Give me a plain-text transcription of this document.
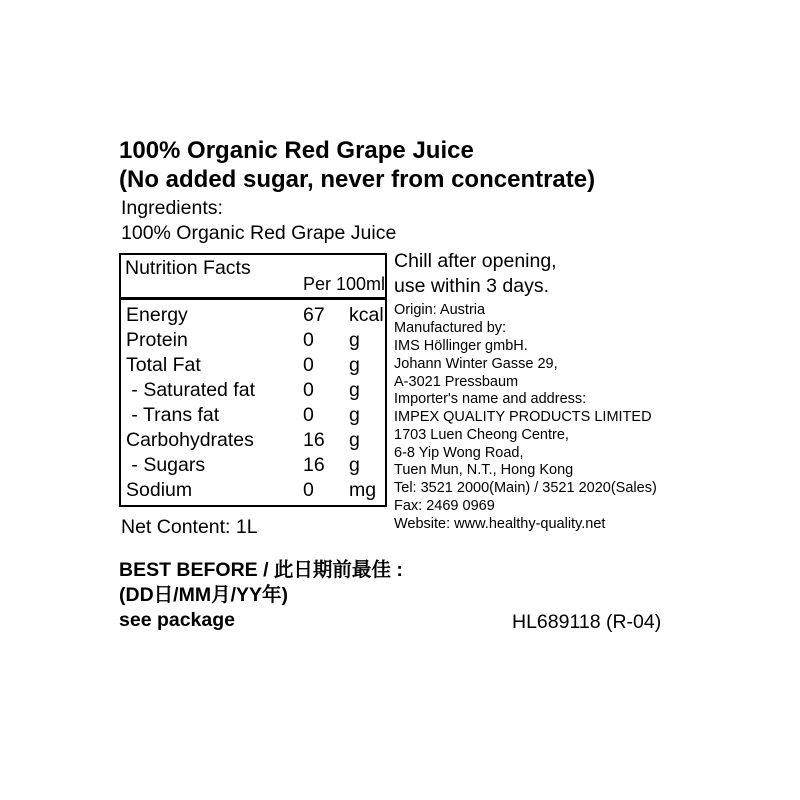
100% Organic Red Grape Juice
(No added sugar, never from concentrate)
Ingredients:
100% Organic Red Grape Juice
Nutrition Facts
Per 100ml
Energy	67 kcal
Protein	0 g
Total Fat	0 g
- Saturated fat 0 g
- Trans fat	0 g
Carbohydrates	16 g
- Sugars	16 g
Sodium	0 mg
Chill after opening,
use within 3 days.
Origin: Austria
Manufactured by:
IMS Höllinger gmbH.
Johann Winter Gasse 29,
A-3021 Pressbaum
Importer's name and address:
IMPEX QUALITY PRODUCTS LIMITED
1703 Luen Cheong Centre,
6-8 Yip Wong Road,
Tuen Mun, N.T., Hong Kong
Tel: 3521 2000(Main) / 3521 2020(Sales)
Fax: 2469 0969
Website: www.healthy-quality.net
Net Content: 1L
BEST BEFORE / 此日期前最佳 :
(DD日/MM月/YY年)
see package	HL689118 (R-04)
